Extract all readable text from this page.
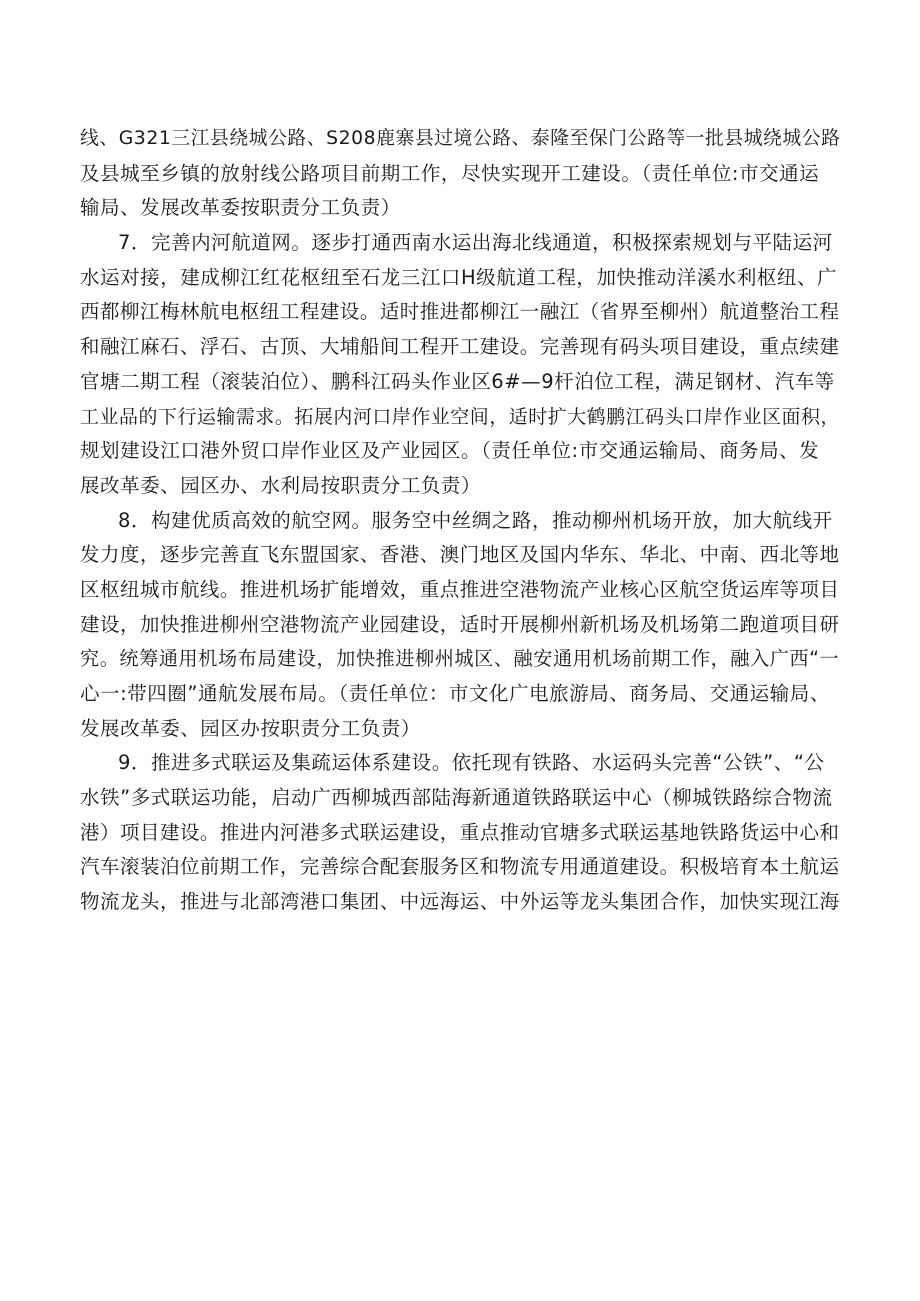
线、G321三江县绕城公路、S208鹿寨县过境公路、泰隆至保门公路等一批县城绕城公路
及县城至乡镇的放射线公路项目前期工作，尽快实现开工建设。（责任单位:市交通运
输局、发展改革委按职责分工负责）
7．完善内河航道网。逐步打通西南水运出海北线通道，积极探索规划与平陆运河
水运对接，建成柳江红花枢纽至石龙三江口H级航道工程，加快推动洋溪水利枢纽、广
西都柳江梅林航电枢纽工程建设。适时推进都柳江一融江（省界至柳州）航道整治工程
和融江麻石、浮石、古顶、大埔船间工程开工建设。完善现有码头项目建设，重点续建
官塘二期工程（滚装泊位）、鹏科江码头作业区6#—9杆泊位工程，满足钢材、汽车等
工业品的下行运输需求。拓展内河口岸作业空间，适时扩大鹤鹏江码头口岸作业区面积，
规划建设江口港外贸口岸作业区及产业园区。（责任单位:市交通运输局、商务局、发
展改革委、园区办、水利局按职责分工负责）
8．构建优质高效的航空网。服务空中丝绸之路，推动柳州机场开放，加大航线开
发力度，逐步完善直飞东盟国家、香港、澳门地区及国内华东、华北、中南、西北等地
区枢纽城市航线。推进机场扩能增效，重点推进空港物流产业核心区航空货运库等项目
建设，加快推进柳州空港物流产业园建设，适时开展柳州新机场及机场第二跑道项目研
究。统筹通用机场布局建设，加快推进柳州城区、融安通用机场前期工作，融入广西“一
心一:带四圈”通航发展布局。（责任单位：市文化广电旅游局、商务局、交通运输局、
发展改革委、园区办按职责分工负责）
9．推进多式联运及集疏运体系建设。依托现有铁路、水运码头完善“公铁”、“公
水铁”多式联运功能，启动广西柳城西部陆海新通道铁路联运中心（柳城铁路综合物流
港）项目建设。推进内河港多式联运建设，重点推动官塘多式联运基地铁路货运中心和
汽车滚装泊位前期工作，完善综合配套服务区和物流专用通道建设。积极培育本土航运
物流龙头，推进与北部湾港口集团、中远海运、中外运等龙头集团合作，加快实现江海
